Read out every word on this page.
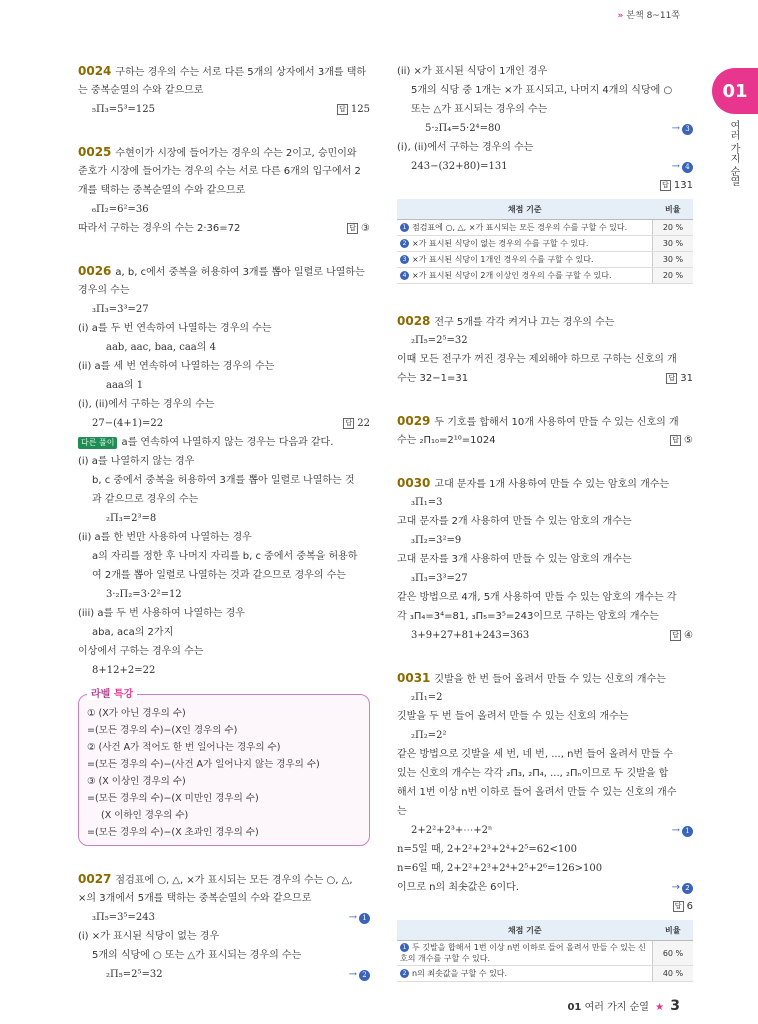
» 본책 8~11쪽
01
여러 가지 순열
0024 구하는 경우의 수는 서로 다른 5개의 상자에서 3개를 택하
는 중복순열의 수와 같으므로
₅Π₃=5³=125	답 125
0025 수현이가 시장에 들어가는 경우의 수는 2이고, 승민이와
준호가 시장에 들어가는 경우의 수는 서로 다른 6개의 입구에서 2
개를 택하는 중복순열의 수와 같으므로
₆Π₂=6²=36
따라서 구하는 경우의 수는 2·36=72	답 ③
0026 a, b, c에서 중복을 허용하여 3개를 뽑아 일렬로 나열하는
경우의 수는
₃Π₃=3³=27
(i) a를 두 번 연속하여 나열하는 경우의 수는
aab, aac, baa, caa의 4
(ii) a를 세 번 연속하여 나열하는 경우의 수는
aaa의 1
(i), (ii)에서 구하는 경우의 수는
27−(4+1)=22	답 22
다른 풀이 a를 연속하여 나열하지 않는 경우는 다음과 같다.
(i) a를 나열하지 않는 경우
b, c 중에서 중복을 허용하여 3개를 뽑아 일렬로 나열하는 것
과 같으므로 경우의 수는
₂Π₃=2³=8
(ii) a를 한 번만 사용하여 나열하는 경우
a의 자리를 정한 후 나머지 자리를 b, c 중에서 중복을 허용하
여 2개를 뽑아 일렬로 나열하는 것과 같으므로 경우의 수는
3·₂Π₂=3·2²=12
(iii) a를 두 번 사용하여 나열하는 경우
aba, aca의 2가지
이상에서 구하는 경우의 수는
8+12+2=22
라벨 특강
① (X가 아닌 경우의 수)
=(모든 경우의 수)−(X인 경우의 수)
② (사건 A가 적어도 한 번 일어나는 경우의 수)
=(모든 경우의 수)−(사건 A가 일어나지 않는 경우의 수)
③ (X 이상인 경우의 수)
=(모든 경우의 수)−(X 미만인 경우의 수)
(X 이하인 경우의 수)
=(모든 경우의 수)−(X 초과인 경우의 수)
0027 점검표에 ○, △, ×가 표시되는 모든 경우의 수는 ○, △,
×의 3개에서 5개를 택하는 중복순열의 수와 같으므로
₃Π₅=3⁵=243	→ 1
(i) ×가 표시된 식당이 없는 경우
5개의 식당에 ○ 또는 △가 표시되는 경우의 수는
₂Π₅=2⁵=32	→ 2
(ii) ×가 표시된 식당이 1개인 경우
5개의 식당 중 1개는 ×가 표시되고, 나머지 4개의 식당에 ○
또는 △가 표시되는 경우의 수는
5·₂Π₄=5·2⁴=80	→ 3
(i), (ii)에서 구하는 경우의 수는
243−(32+80)=131	→ 4
답 131
채점 기준	비율
1 점검표에 ○, △, ×가 표시되는 모든 경우의 수를 구할 수 있다.	20 %
2 ×가 표시된 식당이 없는 경우의 수를 구할 수 있다.	30 %
3 ×가 표시된 식당이 1개인 경우의 수를 구할 수 있다.	30 %
4 ×가 표시된 식당이 2개 이상인 경우의 수를 구할 수 있다.	20 %
0028 전구 5개를 각각 켜거나 끄는 경우의 수는
₂Π₅=2⁵=32
이때 모든 전구가 꺼진 경우는 제외해야 하므로 구하는 신호의 개
수는 32−1=31	답 31
0029 두 기호를 합해서 10개 사용하여 만들 수 있는 신호의 개
수는 ₂Π₁₀=2¹⁰=1024	답 ⑤
0030 고대 문자를 1개 사용하여 만들 수 있는 암호의 개수는
₃Π₁=3
고대 문자를 2개 사용하여 만들 수 있는 암호의 개수는
₃Π₂=3²=9
고대 문자를 3개 사용하여 만들 수 있는 암호의 개수는
₃Π₃=3³=27
같은 방법으로 4개, 5개 사용하여 만들 수 있는 암호의 개수는 각
각 ₃Π₄=3⁴=81, ₃Π₅=3⁵=243이므로 구하는 암호의 개수는
3+9+27+81+243=363	답 ④
0031 깃발을 한 번 들어 올려서 만들 수 있는 신호의 개수는
₂Π₁=2
깃발을 두 번 들어 올려서 만들 수 있는 신호의 개수는
₂Π₂=2²
같은 방법으로 깃발을 세 번, 네 번, ..., n번 들어 올려서 만들 수
있는 신호의 개수는 각각 ₂Π₃, ₂Π₄, ..., ₂Πₙ이므로 두 깃발을 합
해서 1번 이상 n번 이하로 들어 올려서 만들 수 있는 신호의 개수
는
2+2²+2³+⋯+2ⁿ	→ 1
n=5일 때, 2+2²+2³+2⁴+2⁵=62<100
n=6일 때, 2+2²+2³+2⁴+2⁵+2⁶=126>100
이므로 n의 최솟값은 6이다.	→ 2
답 6
채점 기준	비율
1 두 깃발을 합해서 1번 이상 n번 이하로 들어 올려서 만들 수 있는 신호의 개수를 구할 수 있다.	60 %
2 n의 최솟값을 구할 수 있다.	40 %
01 여러 가지 순열 ★ 3
